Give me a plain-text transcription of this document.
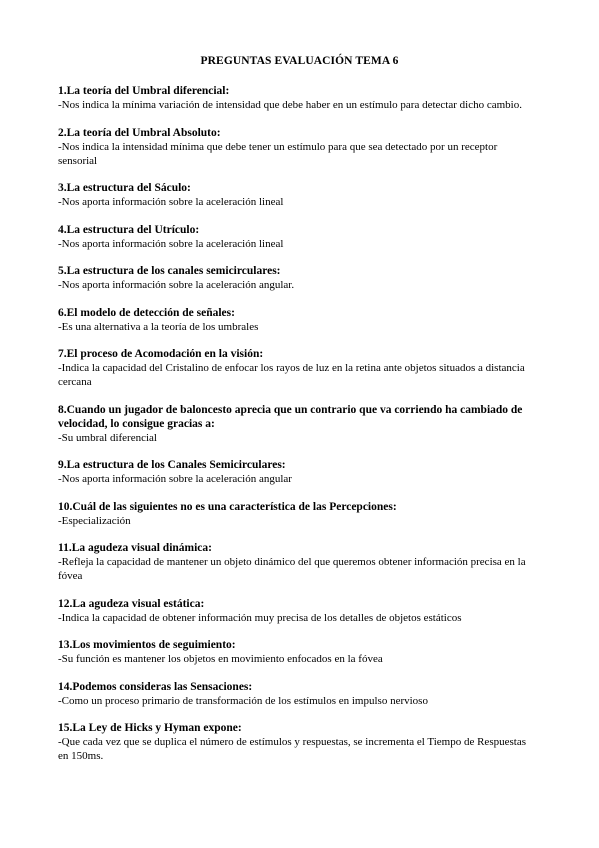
PREGUNTAS EVALUACIÓN TEMA 6

1.La teoría del Umbral diferencial:

-Nos indica la mínima variación de intensidad que debe haber en un estímulo para detectar dicho cambio.

2.La teoría del Umbral Absoluto:

-Nos indica la intensidad mínima que debe tener un estímulo para que sea detectado por un receptor sensorial

3.La estructura del Sáculo:

-Nos aporta información sobre la aceleración lineal

4.La estructura del Utrículo:

-Nos aporta información sobre la aceleración lineal

5.La estructura de los canales semicirculares:

-Nos aporta información sobre la aceleración angular.

6.El modelo de detección de señales:

-Es una alternativa a la teoría de los umbrales

7.El proceso de Acomodación en la visión:

-Indica la capacidad del Cristalino de enfocar los rayos de luz en la retina ante objetos situados a distancia cercana

8.Cuando un jugador de baloncesto aprecia que un contrario que va corriendo ha cambiado de velocidad, lo consigue gracias a:

-Su umbral diferencial

9.La estructura de los Canales Semicirculares:

-Nos aporta información sobre la aceleración angular

10.Cuál de las siguientes no es una característica de las Percepciones:

-Especialización

11.La agudeza visual dinámica:

-Refleja la capacidad de mantener un objeto dinámico del que queremos obtener información precisa en la fóvea

12.La agudeza visual estática:

-Indica la capacidad de obtener información muy precisa de los detalles de objetos estáticos

13.Los movimientos de seguimiento:

-Su función es mantener los objetos en movimiento enfocados en la fóvea

14.Podemos consideras las Sensaciones:

-Como un proceso primario de transformación de los estímulos en impulso nervioso

15.La Ley de Hicks y Hyman expone:

-Que cada vez que se duplica el número de estímulos y respuestas, se incrementa el Tiempo de Respuestas en 150ms.
